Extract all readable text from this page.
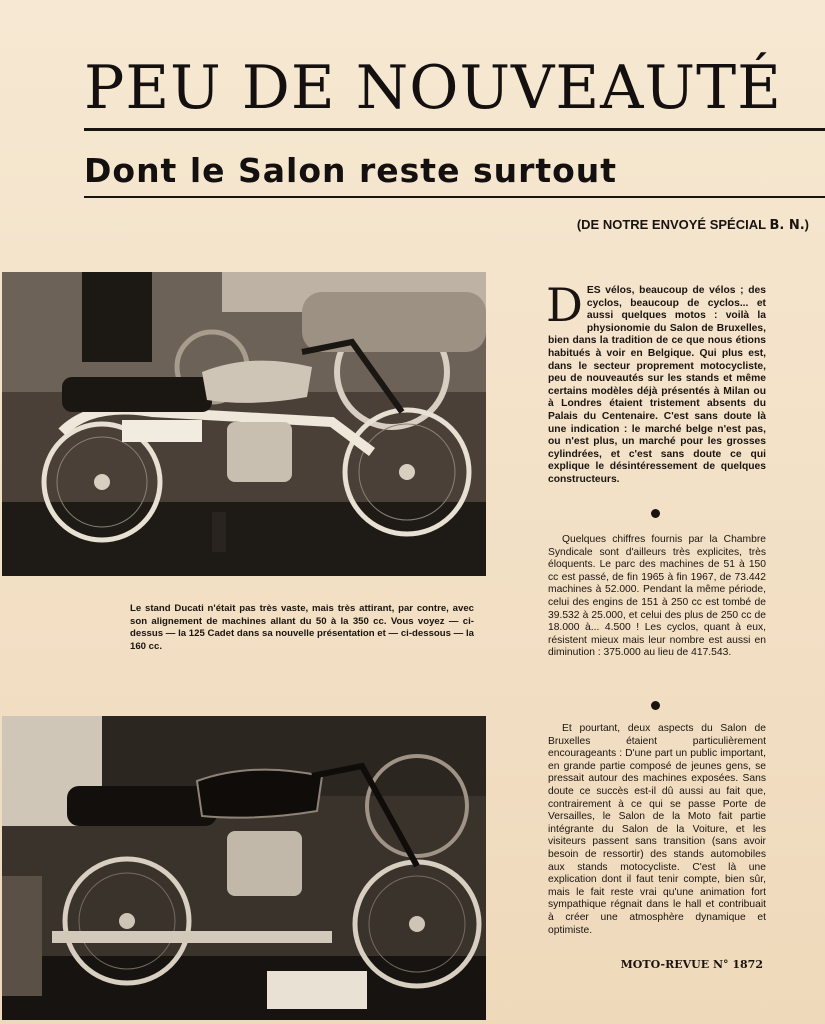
PEU DE NOUVEAUTÉ
Dont le Salon reste surtout
(DE NOTRE ENVOYÉ SPÉCIAL B. N.)
Le stand Ducati n'était pas très vaste, mais très attirant, par contre, avec son alignement de machines allant du 50 à la 350 cc. Vous voyez — ci-dessus — la 125 Cadet dans sa nouvelle présentation et — ci-dessous — la 160 cc.
D ES vélos, beaucoup de vélos ; des cyclos, beaucoup de cyclos... et aussi quelques motos : voilà la physionomie du Salon de Bruxelles, bien dans la tradition de ce que nous étions habitués à voir en Belgique. Qui plus est, dans le secteur proprement motocycliste, peu de nouveautés sur les stands et même certains modèles déjà présentés à Milan ou à Londres étaient tristement absents du Palais du Centenaire. C'est sans doute là une indication : le marché belge n'est pas, ou n'est plus, un marché pour les grosses cylindrées, et c'est sans doute ce qui explique le désintéressement de quelques constructeurs.

Quelques chiffres fournis par la Chambre Syndicale sont d'ailleurs très explicites, très éloquents. Le parc des machines de 51 à 150 cc est passé, de fin 1965 à fin 1967, de 73.442 machines à 52.000. Pendant la même période, celui des engins de 151 à 250 cc est tombé de 39.532 à 25.000, et celui des plus de 250 cc de 18.000 à... 4.500 ! Les cyclos, quant à eux, résistent mieux mais leur nombre est aussi en diminution : 375.000 au lieu de 417.543.

Et pourtant, deux aspects du Salon de Bruxelles étaient particulièrement encourageants : D'une part un public important, en grande partie composé de jeunes gens, se pressait autour des machines exposées. Sans doute ce succès est-il dû aussi au fait que, contrairement à ce qui se passe Porte de Versailles, le Salon de la Moto fait partie intégrante du Salon de la Voiture, et les visiteurs passent sans transition (sans avoir besoin de ressortir) des stands automobiles aux stands motocycliste. C'est là une explication dont il faut tenir compte, bien sûr, mais le fait reste vrai qu'une animation fort sympathique régnait dans le hall et contribuait à créer une atmosphère dynamique et optimiste.

MOTO-REVUE N° 1872
